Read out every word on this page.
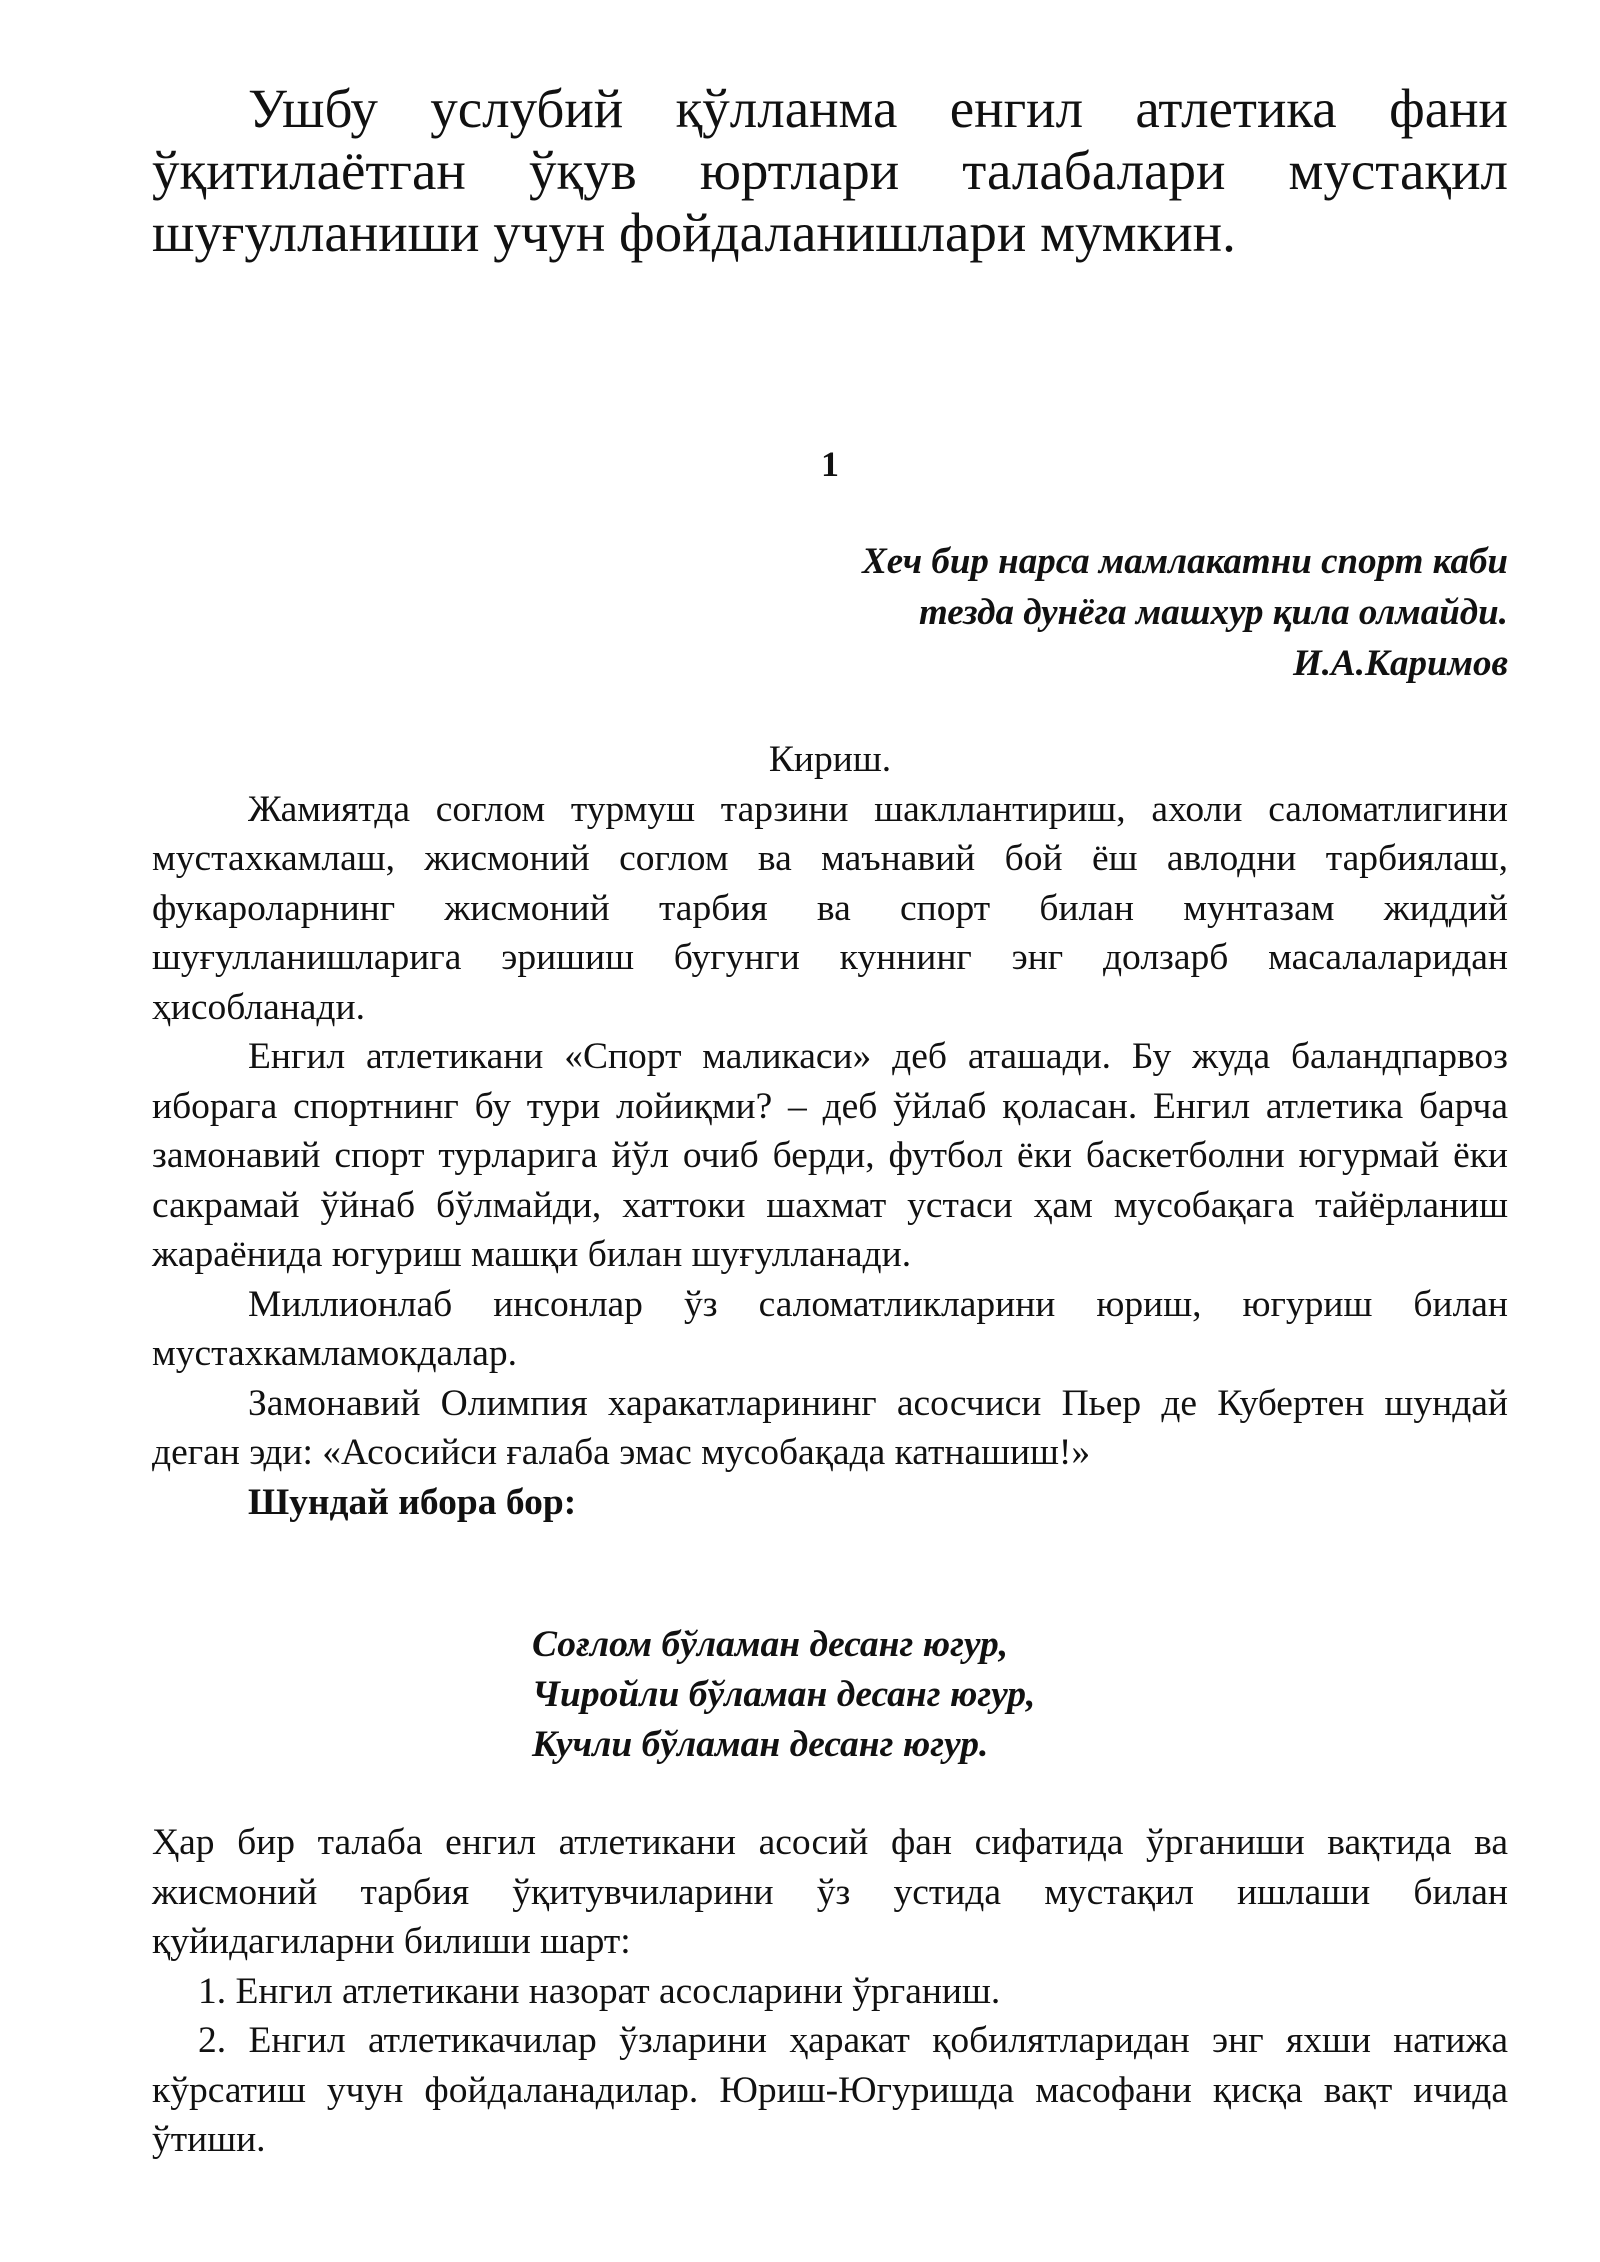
Ушбу услубий қўлланма енгил атлетика фани ўқитилаётган ўқув юртлари талабалари мустақил шуғулланиши учун фойдаланишлари мумкин.

1
Хеч бир нарса мамлакатни спорт каби
тезда дунёга машхур қила олмайди.
И.А.Каримов

Кириш.

Жамиятда соглом турмуш тарзини шакллантириш, ахоли саломатлигини мустахкамлаш, жисмоний соглом ва маънавий бой ёш авлодни тарбиялаш, фукароларнинг жисмоний тарбия ва спорт билан мунтазам жиддий шуғулланишларига эришиш бугунги куннинг энг долзарб масалаларидан ҳисобланади.

Енгил атлетикани «Спорт маликаси» деб аташади. Бу жуда баландпарвоз иборага спортнинг бу тури лойиқми? – деб ўйлаб қоласан. Енгил атлетика барча замонавий спорт турларига йўл очиб берди, футбол ёки баскетболни югурмай ёки сакрамай ўйнаб бўлмайди, хаттоки шахмат устаси ҳам мусобақага тайёрланиш жараёнида югуриш машқи билан шуғулланади.

Миллионлаб инсонлар ўз саломатликларини юриш, югуриш билан мустахкамламокдалар.

Замонавий Олимпия харакатларининг асосчиси Пьер де Кубертен шундай деган эди: «Асосийси ғалаба эмас мусобақада катнашиш!»

Шундай ибора бор:

Соғлом бўламан десанг югур,
Чиройли бўламан десанг югур,
Кучли бўламан десанг югур.

Ҳар бир талаба енгил атлетикани асосий фан сифатида ўрганиши вақтида ва жисмоний тарбия ўқитувчиларини ўз устида мустақил ишлаши билан қуйидагиларни билиши шарт:

1. Енгил атлетикани назорат асосларини ўрганиш.

2. Енгил атлетикачилар ўзларини ҳаракат қобилятларидан энг яхши натижа кўрсатиш учун фойдаланадилар. Юриш-Югуришда масофани қисқа вақт ичида ўтиши.
